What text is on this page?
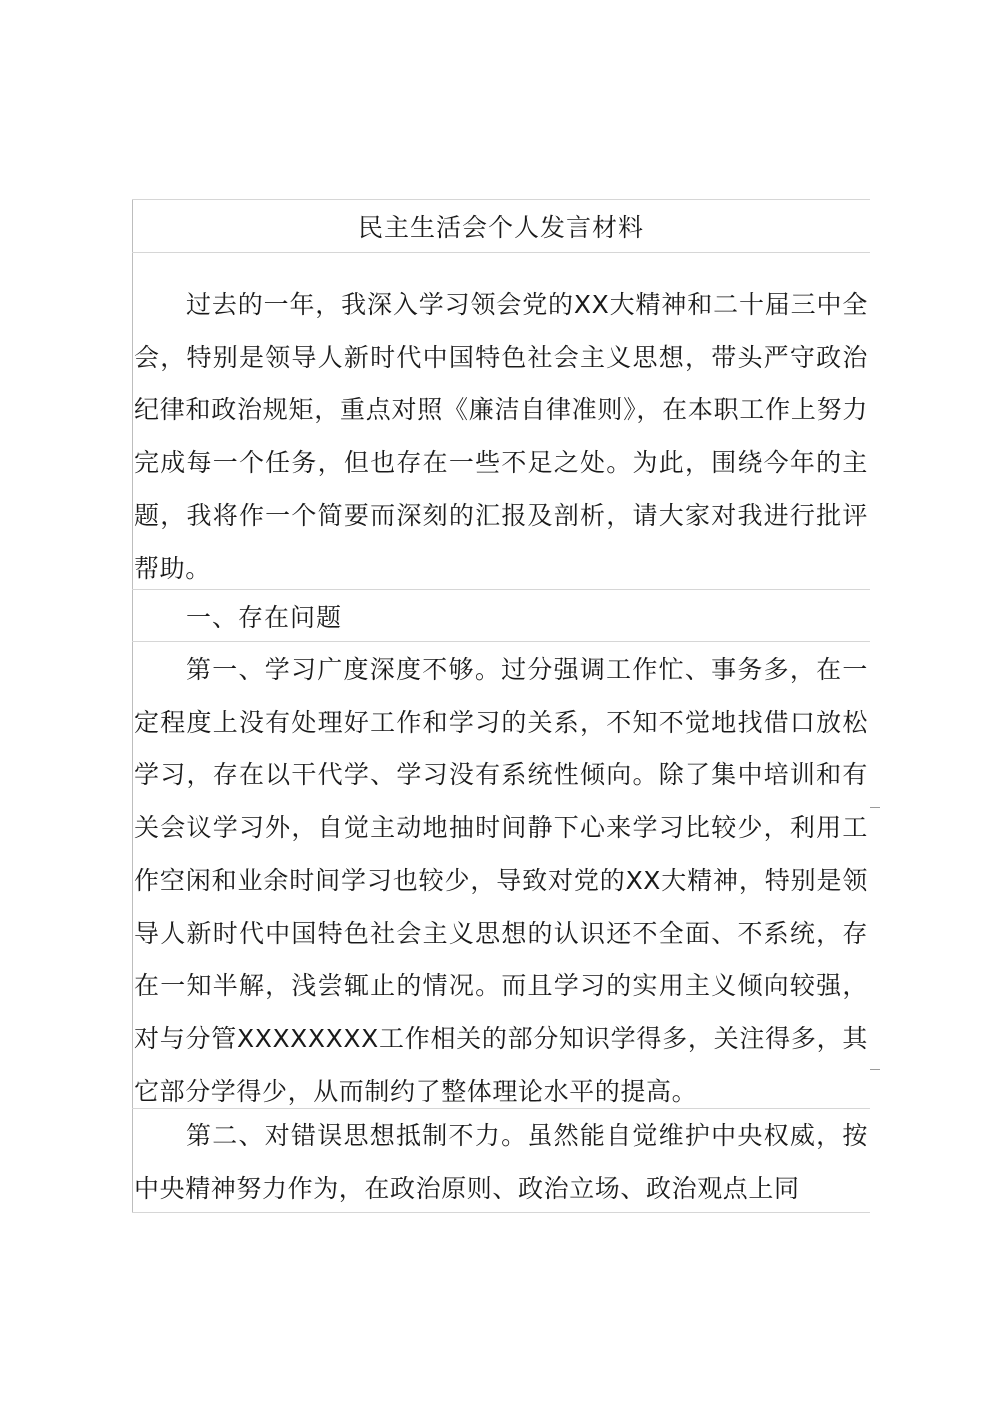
民主生活会个人发言材料

过去的一年，我深入学习领会党的XX大精神和二十届三中全会，特别是领导人新时代中国特色社会主义思想，带头严守政治纪律和政治规矩，重点对照《廉洁自律准则》，在本职工作上努力完成每一个任务，但也存在一些不足之处。为此，围绕今年的主题，我将作一个简要而深刻的汇报及剖析，请大家对我进行批评帮助。

一、存在问题

第一、学习广度深度不够。过分强调工作忙、事务多，在一定程度上没有处理好工作和学习的关系，不知不觉地找借口放松学习，存在以干代学、学习没有系统性倾向。除了集中培训和有关会议学习外，自觉主动地抽时间静下心来学习比较少，利用工作空闲和业余时间学习也较少，导致对党的XX大精神，特别是领导人新时代中国特色社会主义思想的认识还不全面、不系统，存在一知半解，浅尝辄止的情况。而且学习的实用主义倾向较强，对与分管XXXXXXXX工作相关的部分知识学得多，关注得多，其它部分学得少，从而制约了整体理论水平的提高。

第二、对错误思想抵制不力。虽然能自觉维护中央权威，按中央精神努力作为，在政治原则、政治立场、政治观点上同
